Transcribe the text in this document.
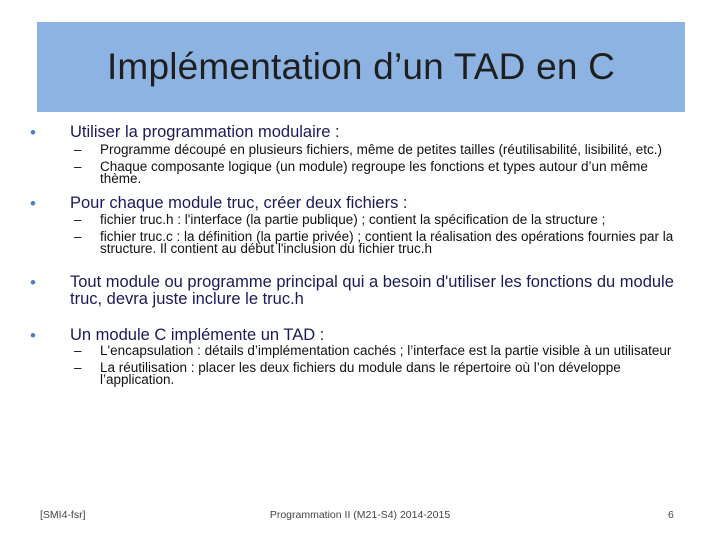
Implémentation d’un TAD en C
• Utiliser la programmation modulaire :
– Programme découpé en plusieurs fichiers, même de petites tailles (réutilisabilité, lisibilité, etc.)
– Chaque composante logique (un module) regroupe les fonctions et types autour d’un même thème.
• Pour chaque module truc, créer deux fichiers :
– fichier truc.h : l'interface (la partie publique) ; contient la spécification de la structure ;
– fichier truc.c : la définition (la partie privée) ; contient la réalisation des opérations fournies par la structure. Il contient au début l'inclusion du fichier truc.h
• Tout module ou programme principal qui a besoin d'utiliser les fonctions du module truc, devra juste inclure le truc.h
• Un module C implémente un TAD :
– L'encapsulation : détails d’implémentation cachés ; l’interface est la partie visible à un utilisateur
– La réutilisation : placer les deux fichiers du module dans le répertoire où l’on développe l’application.
[SMI4-fsr]	Programmation II (M21-S4) 2014-2015	6
